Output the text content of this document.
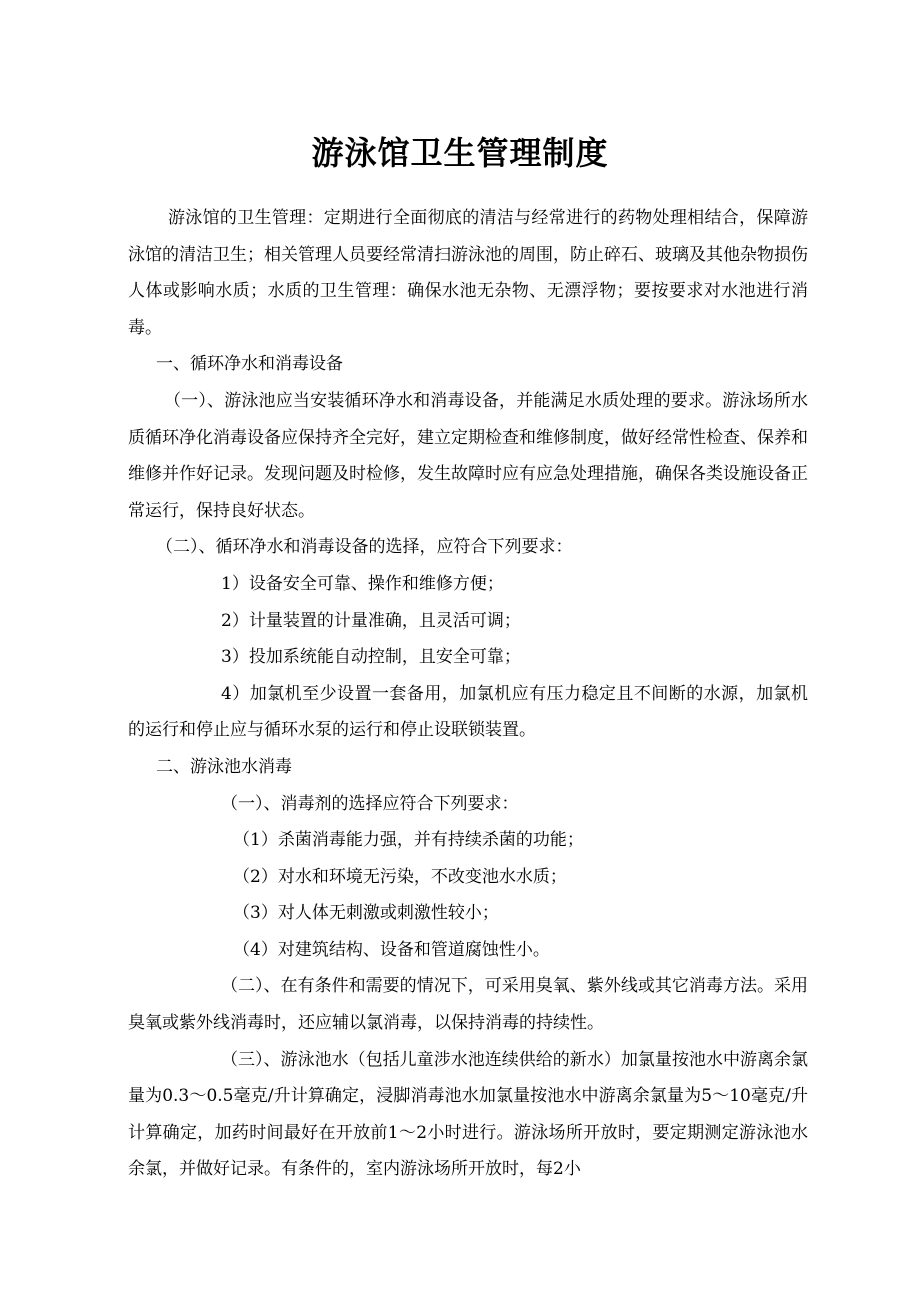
游泳馆卫生管理制度

游泳馆的卫生管理：定期进行全面彻底的清洁与经常进行的药物处理相结合，保障游泳馆的清洁卫生；相关管理人员要经常清扫游泳池的周围，防止碎石、玻璃及其他杂物损伤人体或影响水质；水质的卫生管理：确保水池无杂物、无漂浮物；要按要求对水池进行消毒。

一、循环净水和消毒设备

（一）、游泳池应当安装循环净水和消毒设备，并能满足水质处理的要求。游泳场所水质循环净化消毒设备应保持齐全完好，建立定期检查和维修制度，做好经常性检查、保养和维修并作好记录。发现问题及时检修，发生故障时应有应急处理措施，确保各类设施设备正常运行，保持良好状态。

（二）、循环净水和消毒设备的选择，应符合下列要求：

1）设备安全可靠、操作和维修方便；

2）计量装置的计量准确，且灵活可调；

3）投加系统能自动控制，且安全可靠；

4）加氯机至少设置一套备用，加氯机应有压力稳定且不间断的水源，加氯机的运行和停止应与循环水泵的运行和停止设联锁装置。

二、游泳池水消毒

（一）、消毒剂的选择应符合下列要求：

（1）杀菌消毒能力强，并有持续杀菌的功能；

（2）对水和环境无污染，不改变池水水质；

（3）对人体无刺激或刺激性较小；

（4）对建筑结构、设备和管道腐蚀性小。

（二）、在有条件和需要的情况下，可采用臭氧、紫外线或其它消毒方法。采用臭氧或紫外线消毒时，还应辅以氯消毒，以保持消毒的持续性。

（三）、游泳池水（包括儿童涉水池连续供给的新水）加氯量按池水中游离余氯量为0.3～0.5毫克/升计算确定，浸脚消毒池水加氯量按池水中游离余氯量为5～10毫克/升计算确定，加药时间最好在开放前1～2小时进行。游泳场所开放时，要定期测定游泳池水余氯，并做好记录。有条件的，室内游泳场所开放时，每2小
